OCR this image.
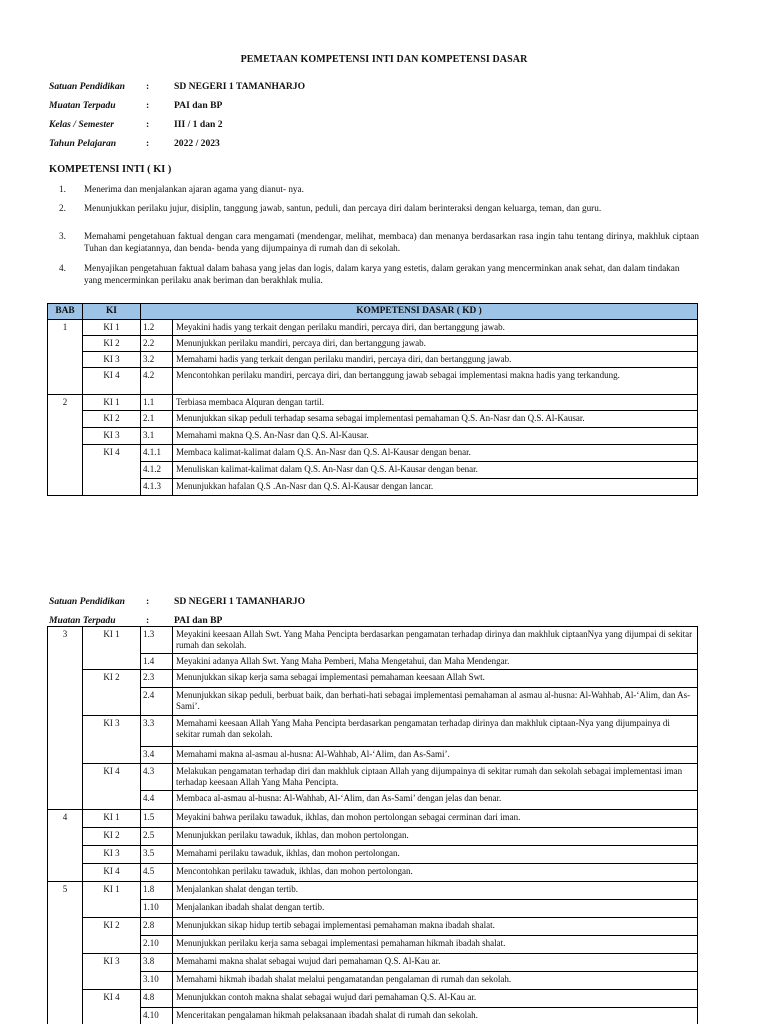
PEMETAAN KOMPETENSI INTI DAN KOMPETENSI DASAR
Satuan Pendidikan	:	SD NEGERI 1 TAMANHARJO
Muatan Terpadu	:	PAI dan BP
Kelas / Semester	:	III / 1 dan 2
Tahun Pelajaran	:	2022 / 2023
KOMPETENSI INTI ( KI )
1.	Menerima dan menjalankan ajaran agama yang dianut- nya.
2.	Menunjukkan perilaku jujur, disiplin, tanggung jawab, santun, peduli, dan percaya diri dalam berinteraksi dengan keluarga, teman, dan guru.
3.	Memahami pengetahuan faktual dengan cara mengamati (mendengar, melihat, membaca) dan menanya berdasarkan rasa ingin tahu tentang dirinya, makhluk ciptaan Tuhan dan kegiatannya, dan benda- benda yang dijumpainya di rumah dan di sekolah.
4.	Menyajikan pengetahuan faktual dalam bahasa yang jelas dan logis, dalam karya yang estetis, dalam gerakan yang mencerminkan anak sehat, dan dalam tindakan yang mencerminkan perilaku anak beriman dan berakhlak mulia.
BAB	KI	KOMPETENSI DASAR ( KD )	
1	KI 1	1.2	Meyakini hadis yang terkait dengan perilaku mandiri, percaya diri, dan bertanggung jawab.
	KI 2	2.2	Menunjukkan perilaku mandiri, percaya diri, dan bertanggung jawab.
	KI 3	3.2	Memahami hadis yang terkait dengan perilaku mandiri, percaya diri, dan bertanggung jawab.
	KI 4	4.2	Mencontohkan perilaku mandiri, percaya diri, dan bertanggung jawab sebagai implementasi makna hadis yang terkandung.
2	KI 1	1.1	Terbiasa membaca Alquran dengan tartil.
	KI 2	2.1	Menunjukkan sikap peduli terhadap sesama sebagai implementasi pemahaman Q.S. An-Nasr dan Q.S. Al-Kausar.
	KI 3	3.1	Memahami makna Q.S. An-Nasr dan Q.S. Al-Kausar.
	KI 4	4.1.1	Membaca kalimat-kalimat dalam Q.S. An-Nasr dan Q.S. Al-Kausar dengan benar.
		4.1.2	Menuliskan kalimat-kalimat dalam Q.S. An-Nasr dan Q.S. Al-Kausar dengan benar.
		4.1.3	Menunjukkan hafalan Q.S .An-Nasr dan Q.S. Al-Kausar dengan lancar.
Satuan Pendidikan	:	SD NEGERI 1 TAMANHARJO
Muatan Terpadu	:	PAI dan BP
3	KI 1	1.3	Meyakini keesaan Allah Swt. Yang Maha Pencipta berdasarkan pengamatan terhadap dirinya dan makhluk ciptaanNya yang dijumpai di sekitar rumah dan sekolah.
		1.4	Meyakini adanya Allah Swt. Yang Maha Pemberi, Maha Mengetahui, dan Maha Mendengar.
	KI 2	2.3	Menunjukkan sikap kerja sama sebagai implementasi pemahaman keesaan Allah Swt.
		2.4	Menunjukkan sikap peduli, berbuat baik, dan berhati-hati sebagai implementasi pemahaman al asmau al-husna: Al-Wahhab, Al-‘Alim, dan As-Sami’.
	KI 3	3.3	Memahami keesaan Allah Yang Maha Pencipta berdasarkan pengamatan terhadap dirinya dan makhluk ciptaan-Nya yang dijumpainya di sekitar rumah dan sekolah.
		3.4	Memahami makna al-asmau al-husna: Al-Wahhab, Al-‘Alim, dan As-Sami’.
	KI 4	4.3	Melakukan pengamatan terhadap diri dan makhluk ciptaan Allah yang dijumpainya di sekitar rumah dan sekolah sebagai implementasi iman terhadap keesaan Allah Yang Maha Pencipta.
		4.4	Membaca al-asmau al-husna: Al-Wahhab, Al-‘Alim, dan As-Sami’ dengan jelas dan benar.
4	KI 1	1.5	Meyakini bahwa perilaku tawaduk, ikhlas, dan mohon pertolongan sebagai cerminan dari iman.
	KI 2	2.5	Menunjukkan perilaku tawaduk, ikhlas, dan mohon pertolongan.
	KI 3	3.5	Memahami perilaku tawaduk, ikhlas, dan mohon pertolongan.
	KI 4	4.5	Mencontohkan perilaku tawaduk, ikhlas, dan mohon pertolongan.
5	KI 1	1.8	Menjalankan shalat dengan tertib.
		1.10	Menjalankan ibadah shalat dengan tertib.
	KI 2	2.8	Menunjukkan sikap hidup tertib sebagai implementasi pemahaman makna ibadah shalat.
		2.10	Menunjukkan perilaku kerja sama sebagai implementasi pemahaman hikmah ibadah shalat.
	KI 3	3.8	Memahami makna shalat sebagai wujud dari pemahaman Q.S. Al-Kau ar.
		3.10	Memahami hikmah ibadah shalat melalui pengamatandan pengalaman di rumah dan sekolah.
	KI 4	4.8	Menunjukkan contoh makna shalat sebagai wujud dari pemahaman Q.S. Al-Kau ar.
		4.10	Menceritakan pengalaman hikmah pelaksanaan ibadah shalat di rumah dan sekolah.
